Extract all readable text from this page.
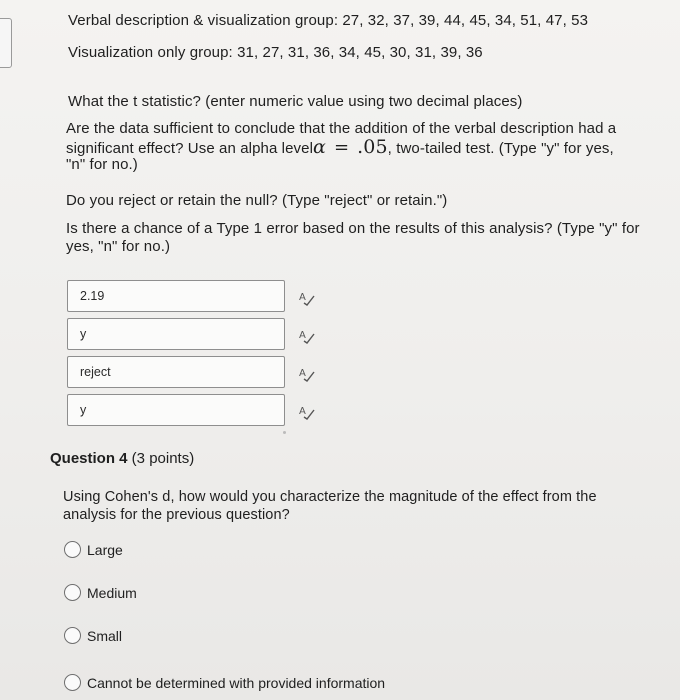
Verbal description & visualization group: 27, 32, 37, 39, 44, 45, 34, 51, 47, 53

Visualization only group: 31, 27, 31, 36, 34, 45, 30, 31, 39, 36

What the t statistic? (enter numeric value using two decimal places)

Are the data sufficient to conclude that the addition of the verbal description had a

significant effect? Use an alpha levelα = .05, two-tailed test. (Type "y" for yes,

"n" for no.)

Do you reject or retain the null? (Type "reject" or retain.")

Is there a chance of a Type 1 error based on the results of this analysis? (Type "y" for

yes, "n" for no.)

2.19	A
y	A
reject	A
y	A
Question 4 (3 points)

Using Cohen's d, how would you characterize the magnitude of the effect from the

analysis for the previous question?

Large
Medium
Small
Cannot be determined with provided information
